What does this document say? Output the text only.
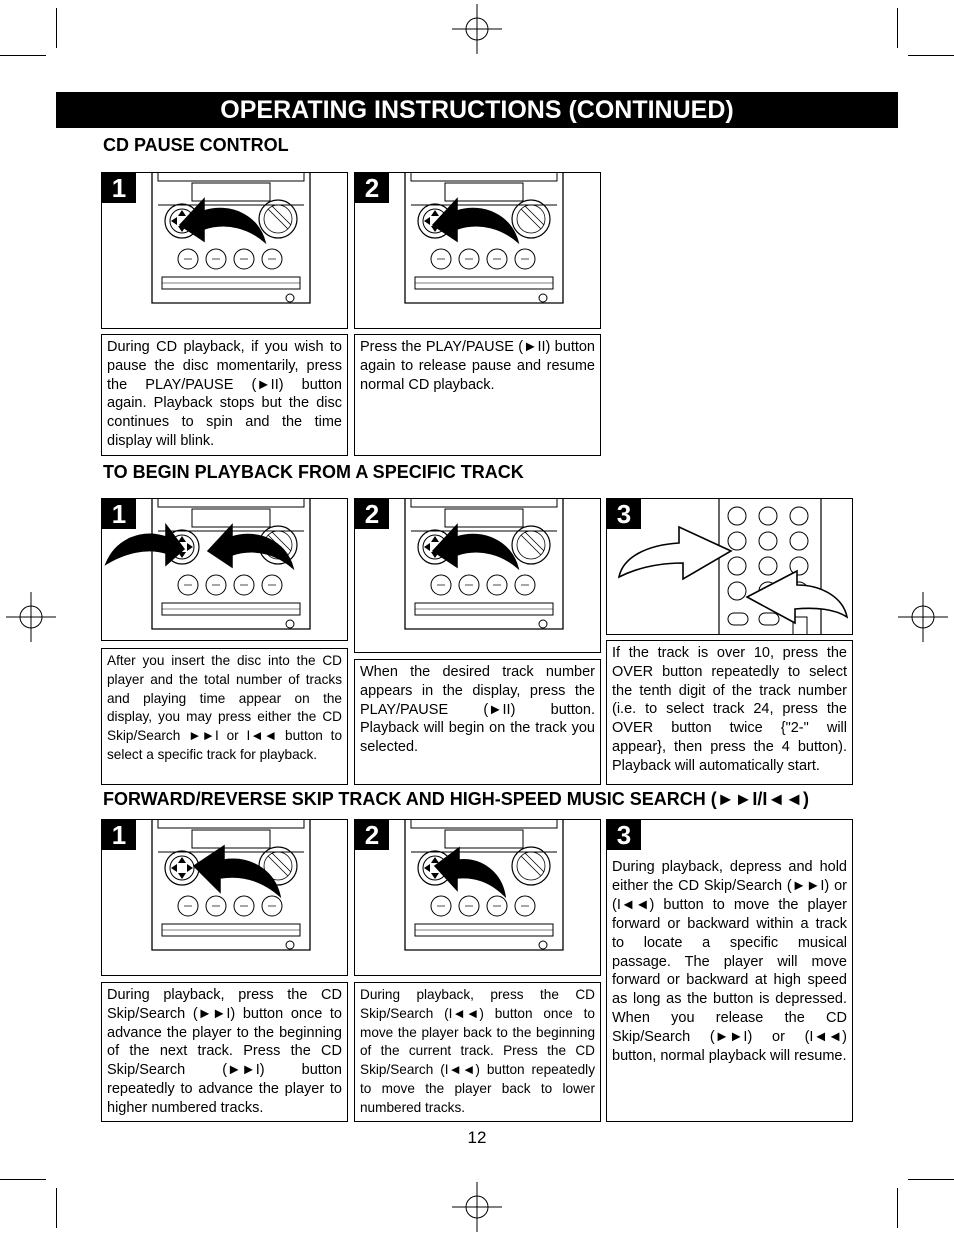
OPERATING INSTRUCTIONS (CONTINUED)
CD PAUSE CONTROL
1	2
During CD playback, if you wish to pause the disc momentarily, press the PLAY/PAUSE (►II) button again. Playback stops but the disc continues to spin and the time display will blink.
Press the PLAY/PAUSE (►II) button again to release pause and resume normal CD playback.
TO BEGIN PLAYBACK FROM A SPECIFIC TRACK
1	2	3
After you insert the disc into the CD player and the total number of tracks and playing time appear on the display, you may press either the CD Skip/Search ►►I or I◄◄ button to select a specific track for playback.
When the desired track number appears in the display, press the PLAY/PAUSE (►II) button. Playback will begin on the track you selected.
If the track is over 10, press the OVER button repeatedly to select the tenth digit of the track number (i.e. to select track 24, press the OVER button twice {"2-" will appear}, then press the 4 button). Playback will automatically start.
FORWARD/REVERSE SKIP TRACK AND HIGH-SPEED MUSIC SEARCH (►►I/I◄◄)
1	2
During playback, press the CD Skip/Search (►►I) button once to advance the player to the beginning of the next track. Press the CD Skip/Search (►►I) button repeatedly to advance the player to higher numbered tracks.
During playback, press the CD Skip/Search (I◄◄) button once to move the player back to the beginning of the current track. Press the CD Skip/Search (I◄◄) button repeatedly to move the player back to lower numbered tracks.
3
During playback, depress and hold either the CD Skip/Search (►►I) or (I◄◄) button to move the player forward or backward within a track to locate a specific musical passage. The player will move forward or backward at high speed as long as the button is depressed. When you release the CD Skip/Search (►►I) or (I◄◄) button, normal playback will resume.
12
